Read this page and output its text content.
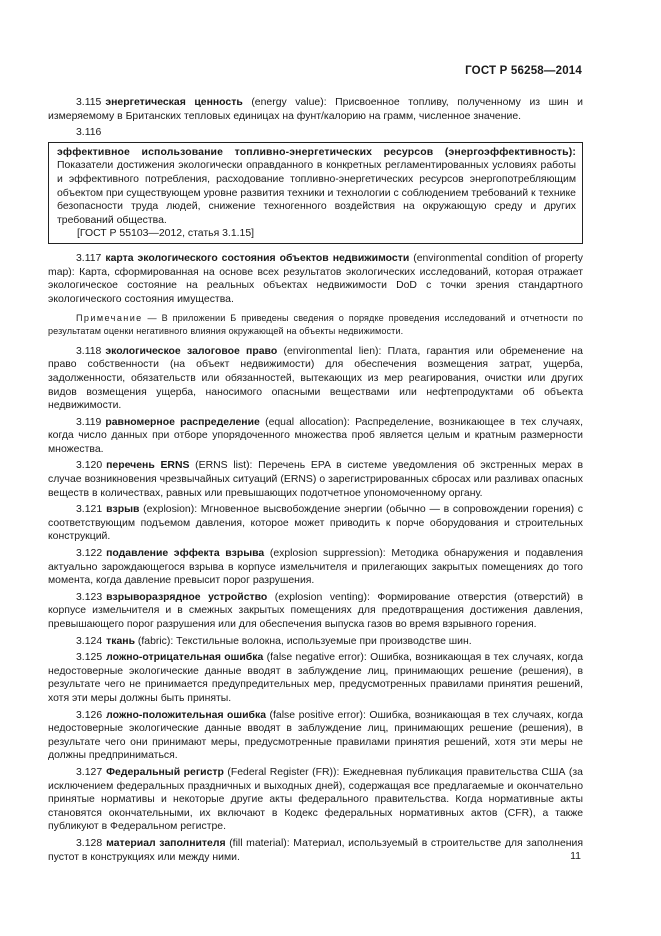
ГОСТ Р 56258—2014

3.115 энергетическая ценность (energy value): Присвоенное топливу, полученному из шин и измеряемому в Британских тепловых единицах на фунт/калорию на грамм, численное значение.

3.116

эффективное использование топливно-энергетических ресурсов (энергоэффективность): Показатели достижения экологически оправданного в конкретных регламентированных условиях работы и эффективного потребления, расходование топливно-энергетических ресурсов энергопотребляющим объектом при существующем уровне развития техники и технологии с соблюдением требований к технике безопасности труда людей, снижение техногенного воздействия на окружающую среду и других требований общества.

[ГОСТ Р 55103—2012, статья 3.1.15]

3.117 карта экологического состояния объектов недвижимости (environmental condition of property map): Карта, сформированная на основе всех результатов экологических исследований, которая отражает экологическое состояние на реальных объектах недвижимости DoD с точки зрения стандартного экологического состояния имущества.

Примечание — В приложении Б приведены сведения о порядке проведения исследований и отчетности по результатам оценки негативного влияния окружающей на объекты недвижимости.

3.118 экологическое залоговое право (environmental lien): Плата, гарантия или обременение на право собственности (на объект недвижимости) для обеспечения возмещения затрат, ущерба, задолженности, обязательств или обязанностей, вытекающих из мер реагирования, очистки или других видов возмещения ущерба, наносимого опасными веществами или нефтепродуктами об объекта недвижимости.

3.119 равномерное распределение (equal allocation): Распределение, возникающее в тех случаях, когда число данных при отборе упорядоченного множества проб является целым и кратным размерности множества.

3.120 перечень ERNS (ERNS list): Перечень EPA в системе уведомления об экстренных мерах в случае возникновения чрезвычайных ситуаций (ERNS) о зарегистрированных сбросах или разливах опасных веществ в количествах, равных или превышающих подотчетное упономоченному органу.

3.121 взрыв (explosion): Мгновенное высвобождение энергии (обычно — в сопровождении горения) с соответствующим подъемом давления, которое может приводить к порче оборудования и строительных конструкций.

3.122 подавление эффекта взрыва (explosion suppression): Методика обнаружения и подавления актуально зарождающегося взрыва в корпусе измельчителя и прилегающих закрытых помещениях до того момента, когда давление превысит порог разрушения.

3.123 взрыворазрядное устройство (explosion venting): Формирование отверстия (отверстий) в корпусе измельчителя и в смежных закрытых помещениях для предотвращения достижения давления, превышающего порог разрушения или для обеспечения выпуска газов во время взрывного горения.

3.124 ткань (fabric): Текстильные волокна, используемые при производстве шин.

3.125 ложно-отрицательная ошибка (false negative error): Ошибка, возникающая в тех случаях, когда недостоверные экологические данные вводят в заблуждение лиц, принимающих решение (решения), в результате чего не принимается предупредительных мер, предусмотренных правилами принятия решений, хотя эти меры должны быть приняты.

3.126 ложно-положительная ошибка (false positive error): Ошибка, возникающая в тех случаях, когда недостоверные экологические данные вводят в заблуждение лиц, принимающих решение (решения), в результате чего они принимают меры, предусмотренные правилами принятия решений, хотя эти меры не должны предприниматься.

3.127 Федеральный регистр (Federal Register (FR)): Ежедневная публикация правительства США (за исключением федеральных праздничных и выходных дней), содержащая все предлагаемые и окончательно принятые нормативы и некоторые другие акты федерального правительства. Когда нормативные акты становятся окончательными, их включают в Кодекс федеральных нормативных актов (CFR), а также публикуют в Федеральном регистре.

3.128 материал заполнителя (fill material): Материал, используемый в строительстве для заполнения пустот в конструкциях или между ними.	11
